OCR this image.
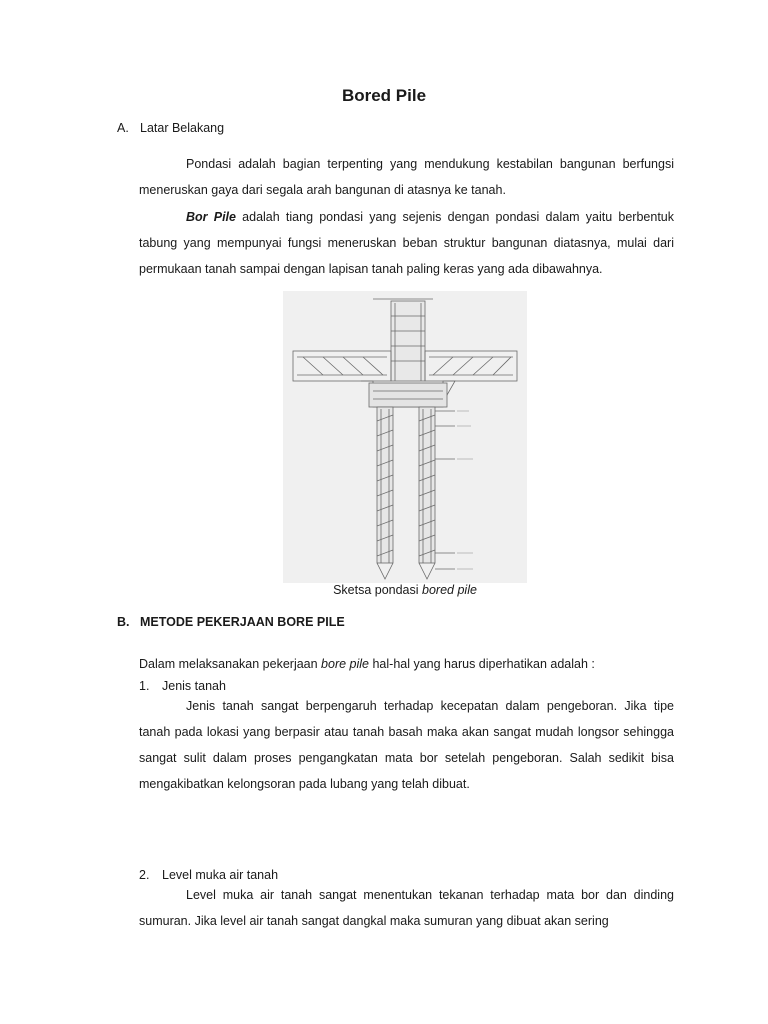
Bored Pile
A. Latar Belakang
Pondasi adalah bagian terpenting yang mendukung kestabilan bangunan berfungsi meneruskan gaya dari segala arah bangunan di atasnya ke tanah.
Bor Pile adalah tiang pondasi yang sejenis dengan pondasi dalam yaitu berbentuk tabung yang mempunyai fungsi meneruskan beban struktur bangunan diatasnya, mulai dari permukaan tanah sampai dengan lapisan tanah paling keras yang ada dibawahnya.
Sketsa pondasi bored pile
B. METODE PEKERJAAN BORE PILE
Dalam melaksanakan pekerjaan bore pile hal-hal yang harus diperhatikan adalah :
1. Jenis tanah
Jenis tanah sangat berpengaruh terhadap kecepatan dalam pengeboran. Jika tipe tanah pada lokasi yang berpasir atau tanah basah maka akan sangat mudah longsor sehingga sangat sulit dalam proses pengangkatan mata bor setelah pengeboran. Salah sedikit bisa mengakibatkan kelongsoran pada lubang yang telah dibuat.
2. Level muka air tanah
Level muka air tanah sangat menentukan tekanan terhadap mata bor dan dinding sumuran. Jika level air tanah sangat dangkal maka sumuran yang dibuat akan sering
